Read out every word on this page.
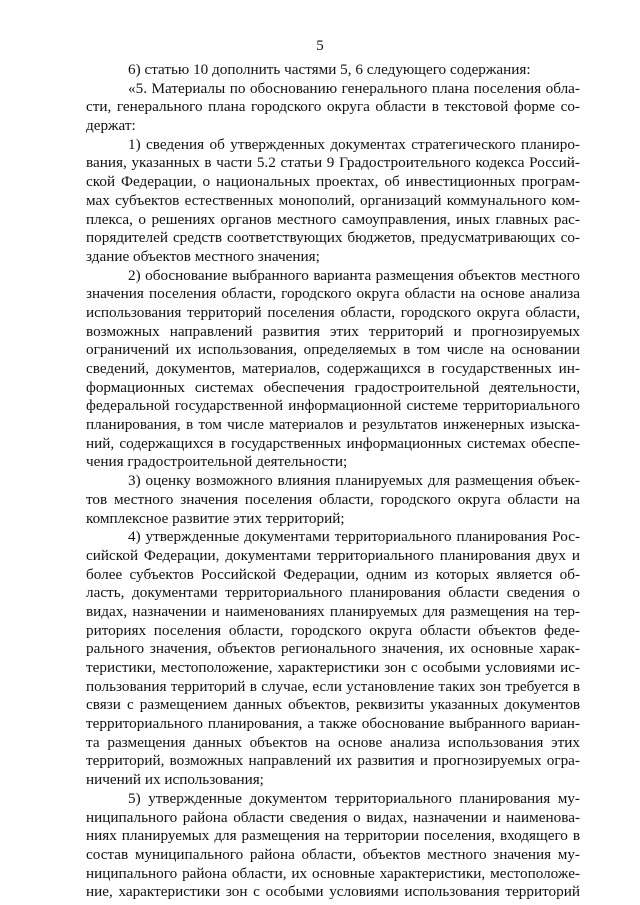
5
6) статью 10 дополнить частями 5, 6 следующего содержания:
«5. Материалы по обоснованию генерального плана поселения обла-
сти, генерального плана городского округа области в текстовой форме со-
держат:
1) сведения об утвержденных документах стратегического планиро-
вания, указанных в части 5.2 статьи 9 Градостроительного кодекса Россий-
ской Федерации, о национальных проектах, об инвестиционных програм-
мах субъектов естественных монополий, организаций коммунального ком-
плекса, о решениях органов местного самоуправления, иных главных рас-
порядителей средств соответствующих бюджетов, предусматривающих со-
здание объектов местного значения;
2) обоснование выбранного варианта размещения объектов местного
значения поселения области, городского округа области на основе анализа
использования территорий поселения области, городского округа области,
возможных направлений развития этих территорий и прогнозируемых
ограничений их использования, определяемых в том числе на основании
сведений, документов, материалов, содержащихся в государственных ин-
формационных системах обеспечения градостроительной деятельности,
федеральной государственной информационной системе территориального
планирования, в том числе материалов и результатов инженерных изыска-
ний, содержащихся в государственных информационных системах обеспе-
чения градостроительной деятельности;
3) оценку возможного влияния планируемых для размещения объек-
тов местного значения поселения области, городского округа области на
комплексное развитие этих территорий;
4) утвержденные документами территориального планирования Рос-
сийской Федерации, документами территориального планирования двух и
более субъектов Российской Федерации, одним из которых является об-
ласть, документами территориального планирования области сведения о
видах, назначении и наименованиях планируемых для размещения на тер-
риториях поселения области, городского округа области объектов феде-
рального значения, объектов регионального значения, их основные харак-
теристики, местоположение, характеристики зон с особыми условиями ис-
пользования территорий в случае, если установление таких зон требуется в
связи с размещением данных объектов, реквизиты указанных документов
территориального планирования, а также обоснование выбранного вариан-
та размещения данных объектов на основе анализа использования этих
территорий, возможных направлений их развития и прогнозируемых огра-
ничений их использования;
5) утвержденные документом территориального планирования му-
ниципального района области сведения о видах, назначении и наименова-
ниях планируемых для размещения на территории поселения, входящего в
состав муниципального района области, объектов местного значения му-
ниципального района области, их основные характеристики, местоположе-
ние, характеристики зон с особыми условиями использования территорий
